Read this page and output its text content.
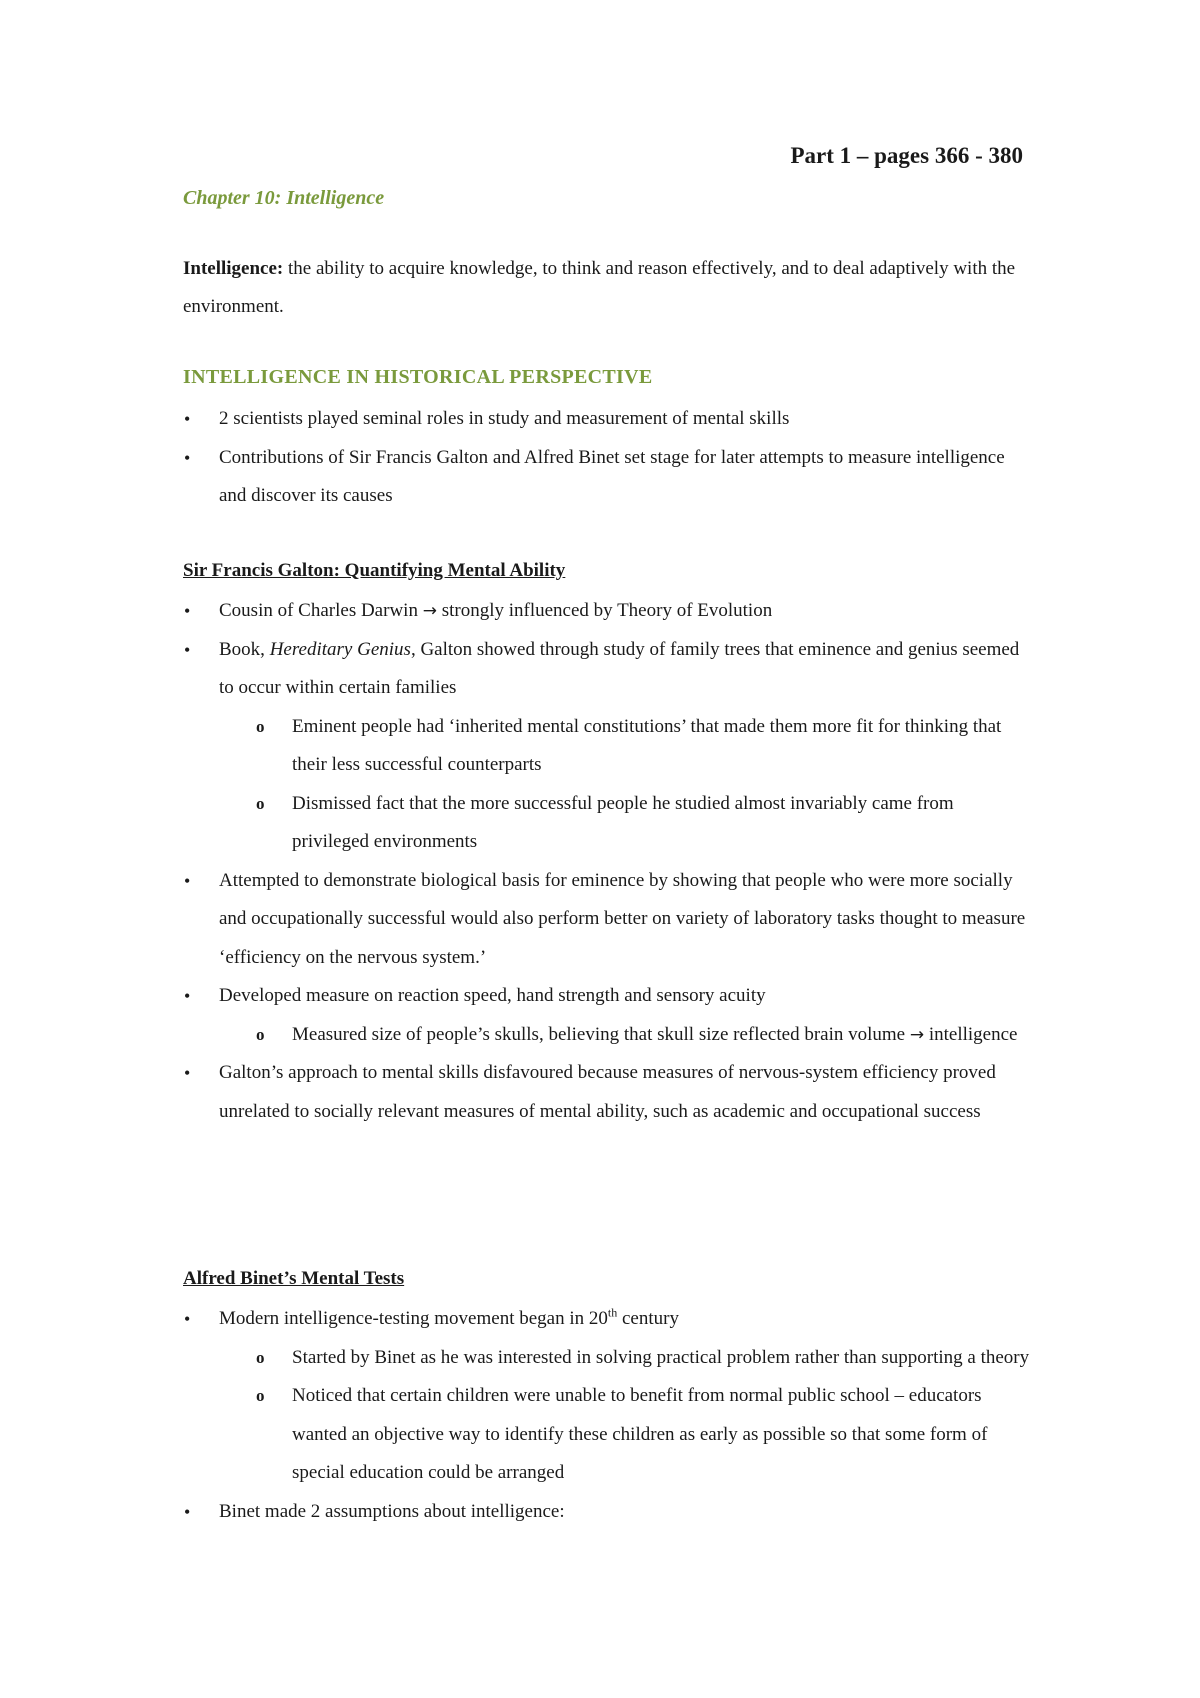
Part 1 – pages 366 - 380
Chapter 10: Intelligence
Intelligence: the ability to acquire knowledge, to think and reason effectively, and to deal adaptively with the environment.
INTELLIGENCE IN HISTORICAL PERSPECTIVE
• 2 scientists played seminal roles in study and measurement of mental skills
• Contributions of Sir Francis Galton and Alfred Binet set stage for later attempts to measure intelligence and discover its causes
Sir Francis Galton: Quantifying Mental Ability
• Cousin of Charles Darwin → strongly influenced by Theory of Evolution
• Book, Hereditary Genius, Galton showed through study of family trees that eminence and genius seemed to occur within certain families
o Eminent people had ‘inherited mental constitutions’ that made them more fit for thinking that their less successful counterparts
o Dismissed fact that the more successful people he studied almost invariably came from privileged environments
• Attempted to demonstrate biological basis for eminence by showing that people who were more socially and occupationally successful would also perform better on variety of laboratory tasks thought to measure ‘efficiency on the nervous system.’
• Developed measure on reaction speed, hand strength and sensory acuity
o Measured size of people’s skulls, believing that skull size reflected brain volume → intelligence
• Galton’s approach to mental skills disfavoured because measures of nervous-system efficiency proved unrelated to socially relevant measures of mental ability, such as academic and occupational success
Alfred Binet’s Mental Tests
• Modern intelligence-testing movement began in 20th century
o Started by Binet as he was interested in solving practical problem rather than supporting a theory
o Noticed that certain children were unable to benefit from normal public school – educators wanted an objective way to identify these children as early as possible so that some form of special education could be arranged
• Binet made 2 assumptions about intelligence:
